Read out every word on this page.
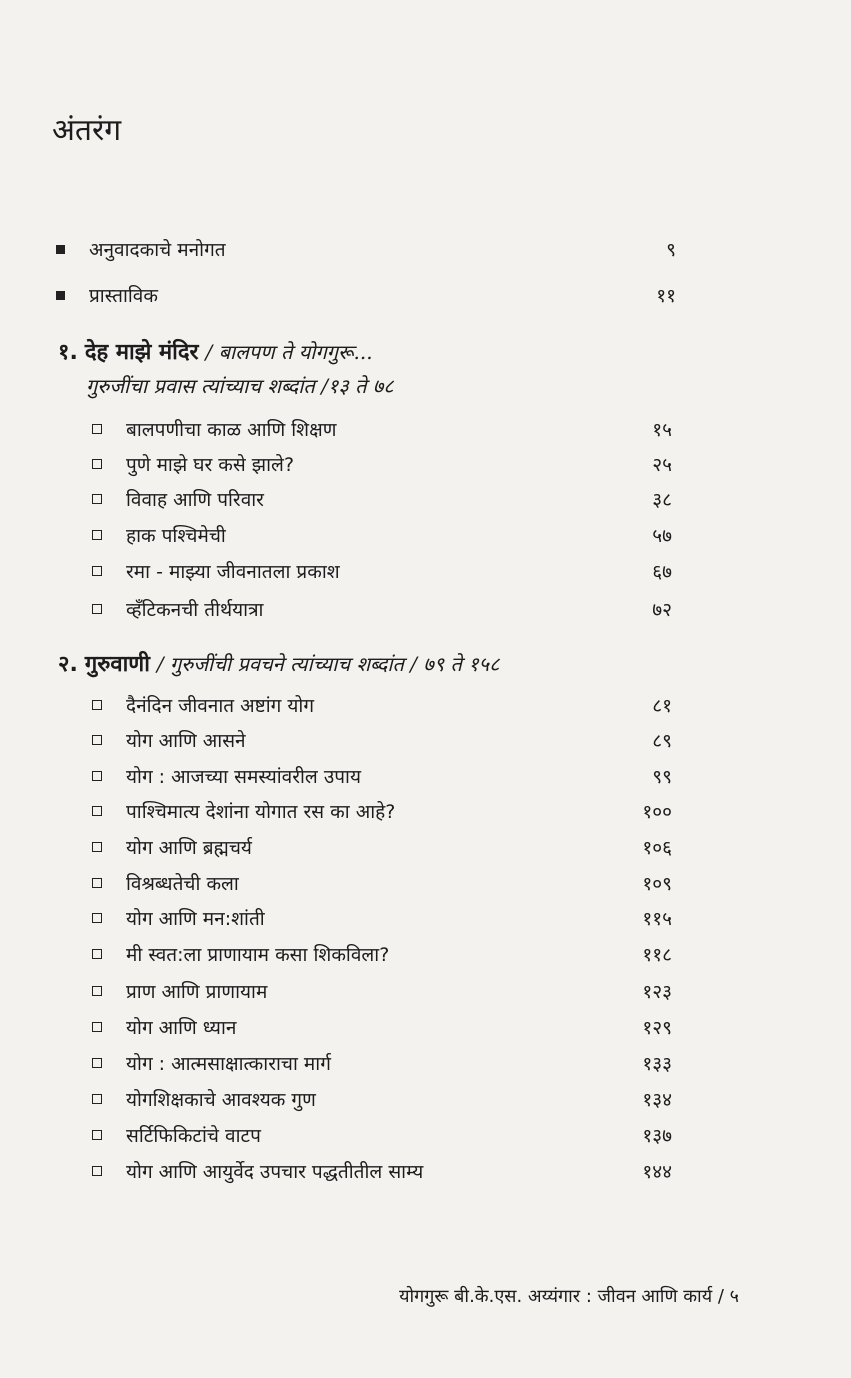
अंतरंग
अनुवादकाचे मनोगत	९
प्रास्ताविक	११
१. देह माझे मंदिर / बालपण ते योगगुरू...
गुरुजींचा प्रवास त्यांच्याच शब्दांत /१३ ते ७८
बालपणीचा काळ आणि शिक्षण	१५
पुणे माझे घर कसे झाले?	२५
विवाह आणि परिवार	३८
हाक पश्चिमेची	५७
रमा - माझ्या जीवनातला प्रकाश	६७
व्हॅंटिकनची तीर्थयात्रा	७२
२. गुरुवाणी / गुरुजींची प्रवचने त्यांच्याच शब्दांत / ७९ ते १५८
दैनंदिन जीवनात अष्टांग योग	८१
योग आणि आसने	८९
योग : आजच्या समस्यांवरील उपाय	९९
पाश्चिमात्य देशांना योगात रस का आहे?	१००
योग आणि ब्रह्मचर्य	१०६
विश्रब्धतेची कला	१०९
योग आणि मन:शांती	११५
मी स्वत:ला प्राणायाम कसा शिकविला?	११८
प्राण आणि प्राणायाम	१२३
योग आणि ध्यान	१२९
योग : आत्मसाक्षात्काराचा मार्ग	१३३
योगशिक्षकाचे आवश्यक गुण	१३४
सर्टिफिकिटांचे वाटप	१३७
योग आणि आयुर्वेद उपचार पद्धतीतील साम्य	१४४
योगगुरू बी.के.एस. अय्यंगार : जीवन आणि कार्य / ५
